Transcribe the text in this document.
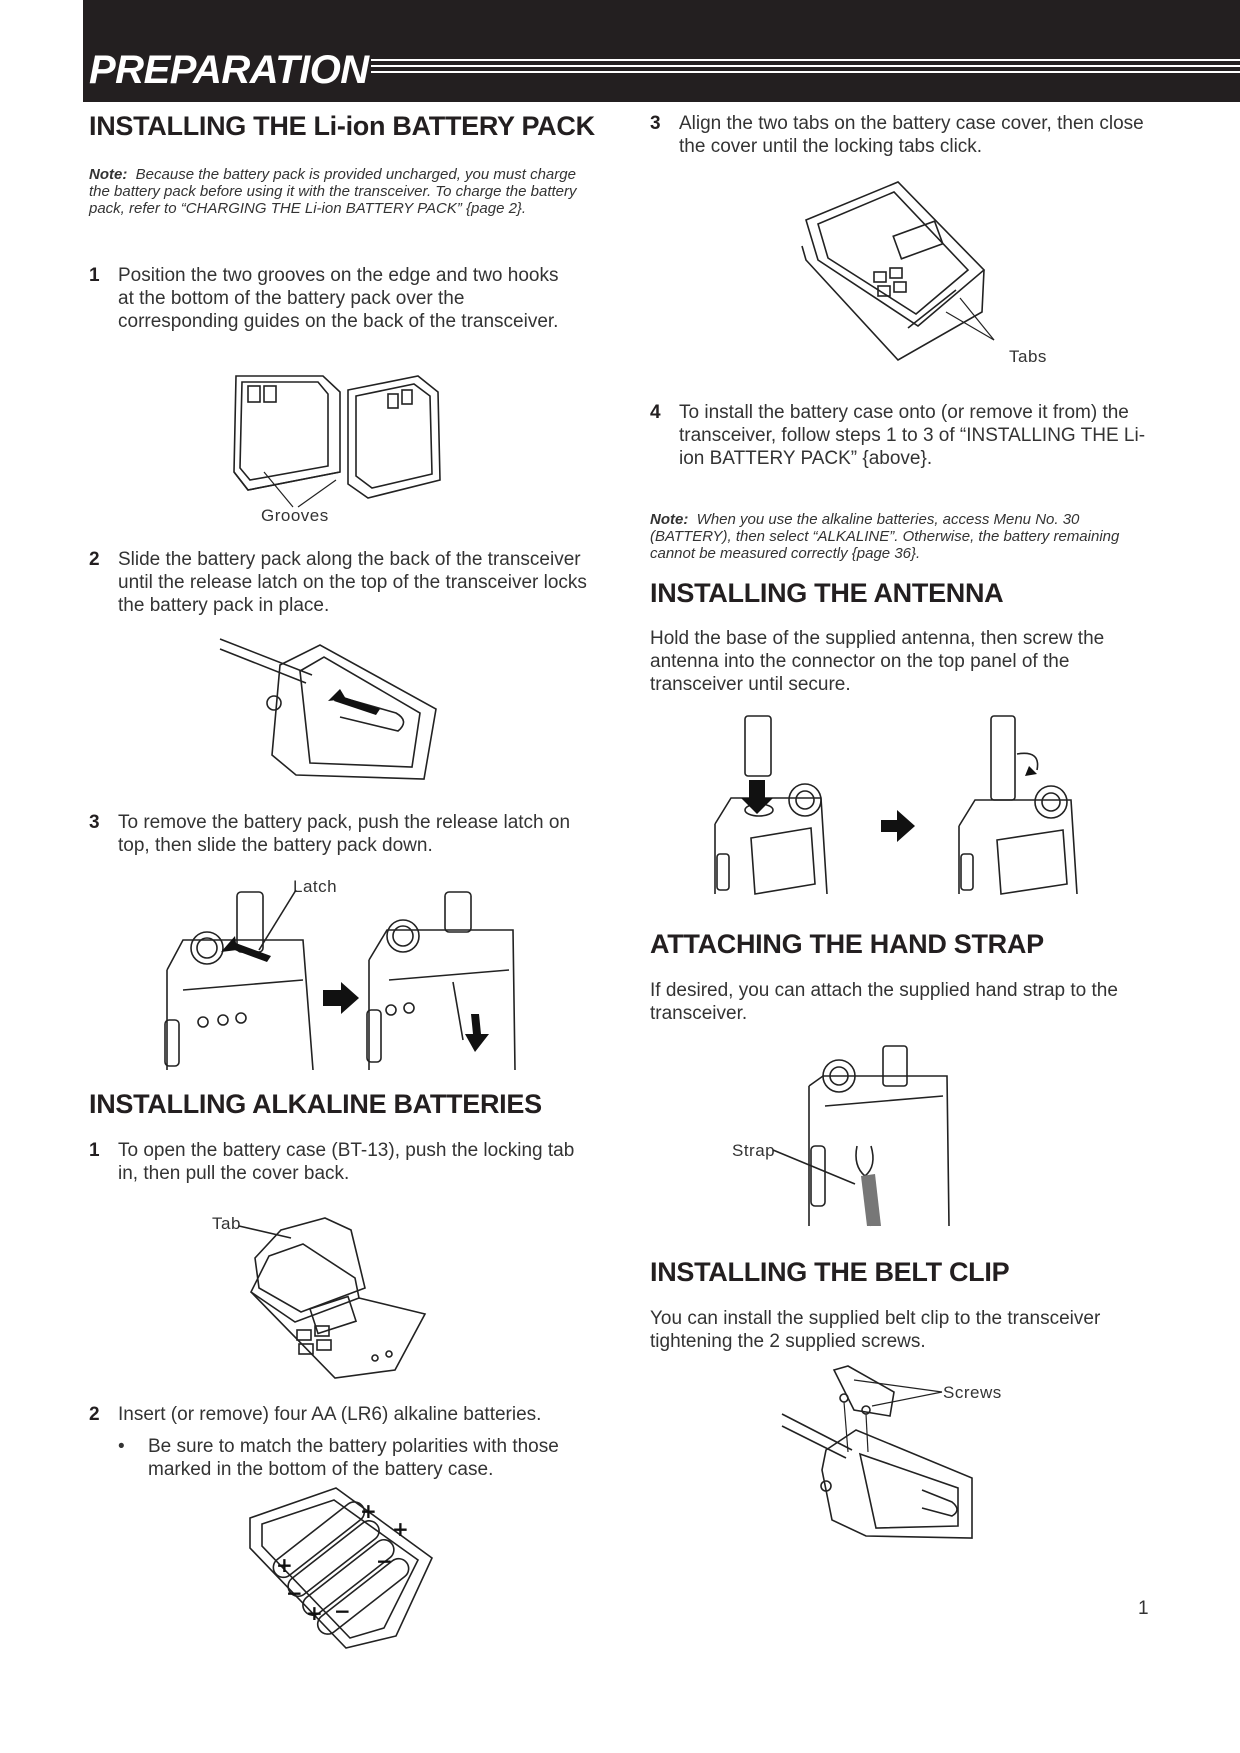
PREPARATION
INSTALLING THE Li-ion BATTERY PACK
Note: Because the battery pack is provided uncharged, you must charge the battery pack before using it with the transceiver. To charge the battery pack, refer to “CHARGING THE Li-ion BATTERY PACK” {page 2}.
1 Position the two grooves on the edge and two hooks at the bottom of the battery pack over the corresponding guides on the back of the transceiver.
Grooves
2 Slide the battery pack along the back of the transceiver until the release latch on the top of the transceiver locks the battery pack in place.
3 To remove the battery pack, push the release latch on top, then slide the battery pack down.
Latch
INSTALLING ALKALINE BATTERIES
1 To open the battery case (BT-13), push the locking tab in, then pull the cover back.
Tab
2 Insert (or remove) four AA (LR6) alkaline batteries.
• Be sure to match the battery polarities with those marked in the bottom of the battery case.
+
+
+
−
−
+ −
3 Align the two tabs on the battery case cover, then close the cover until the locking tabs click.
Tabs
4 To install the battery case onto (or remove it from) the transceiver, follow steps 1 to 3 of “INSTALLING THE Li-ion BATTERY PACK” {above}.
Note: When you use the alkaline batteries, access Menu No. 30 (BATTERY), then select “ALKALINE”. Otherwise, the battery remaining cannot be measured correctly {page 36}.
INSTALLING THE ANTENNA
Hold the base of the supplied antenna, then screw the antenna into the connector on the top panel of the transceiver until secure.
ATTACHING THE HAND STRAP
If desired, you can attach the supplied hand strap to the transceiver.
Strap
INSTALLING THE BELT CLIP
You can install the supplied belt clip to the transceiver tightening the 2 supplied screws.
Screws
1
